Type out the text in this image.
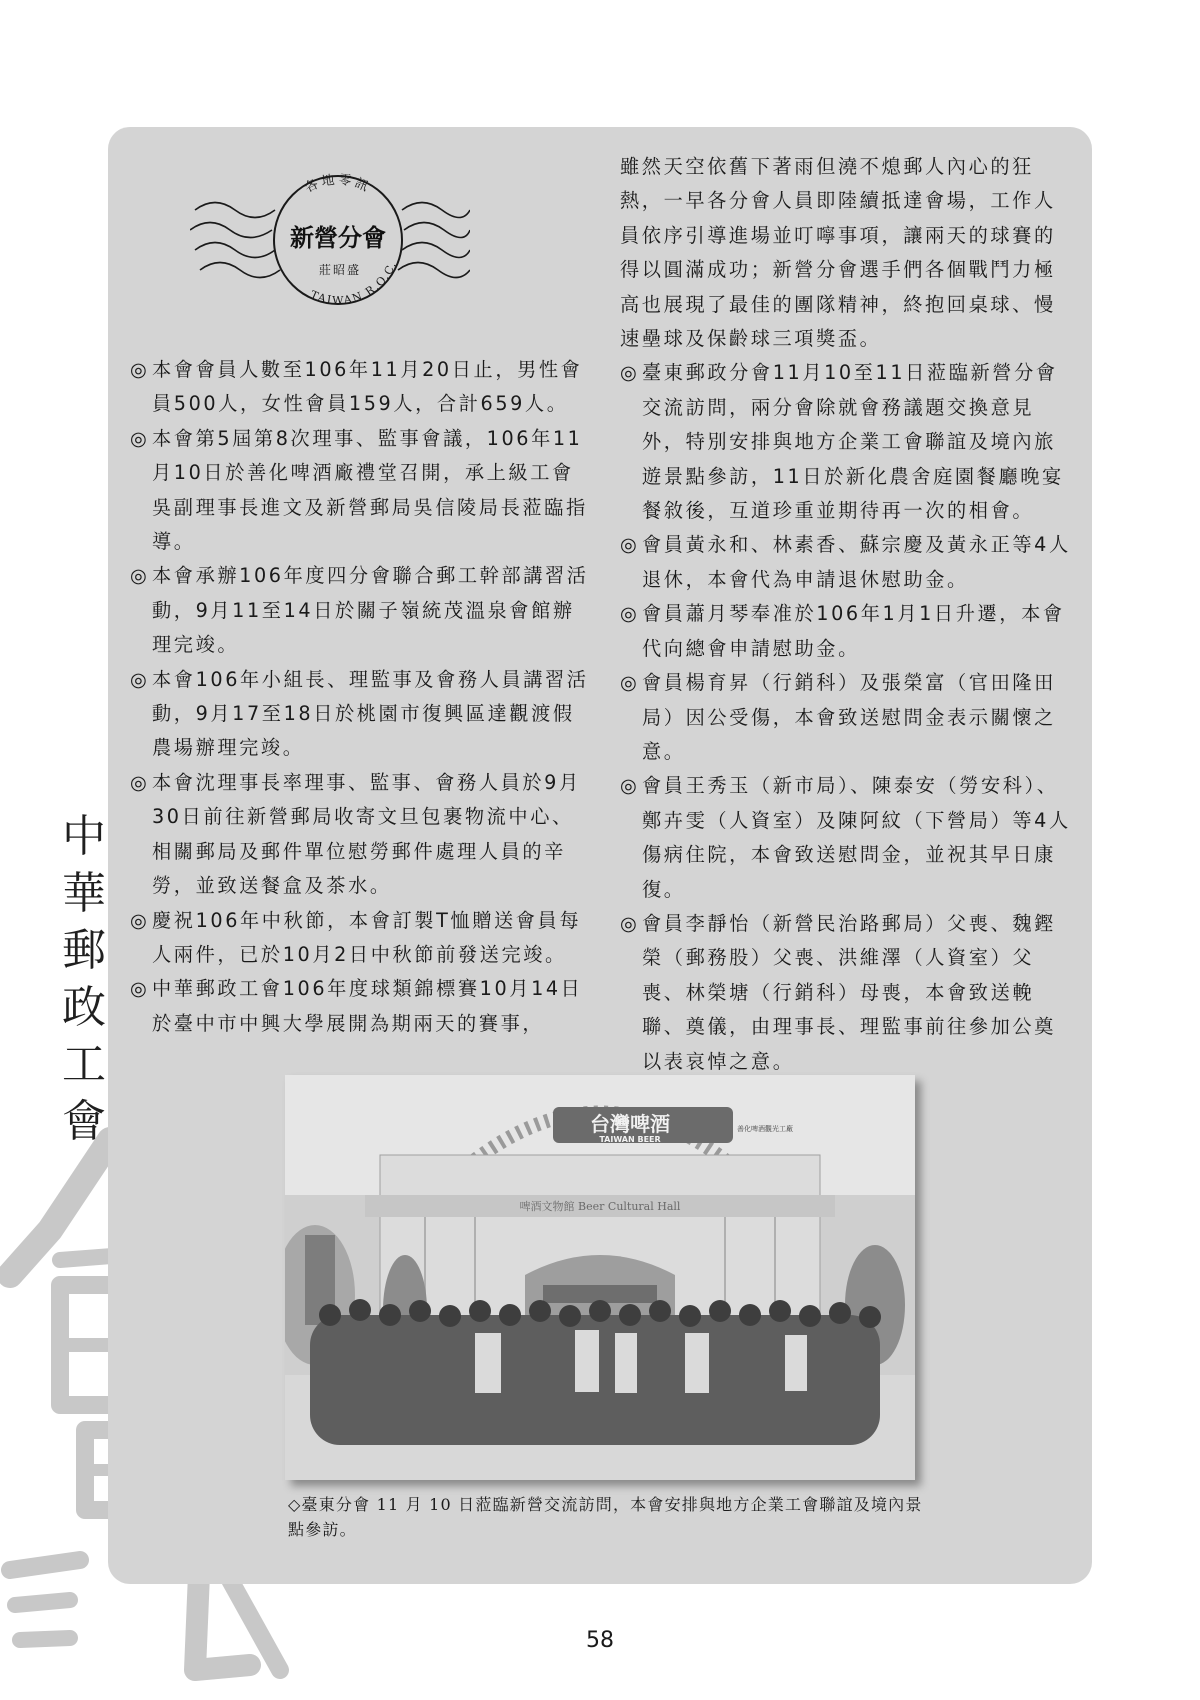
各地零訊
新營分會
莊昭盛
TAIWAN R.O.C.
中
華
郵
政
工
會

◎ 本會會員人數至106年11月20日止，男性會員500人，女性會員159人，合計659人。

◎ 本會第5屆第8次理事、監事會議，106年11月10日於善化啤酒廠禮堂召開，承上級工會吳副理事長進文及新營郵局吳信陵局長蒞臨指導。

◎ 本會承辦106年度四分會聯合郵工幹部講習活動，9月11至14日於關子嶺統茂溫泉會館辦理完竣。

◎ 本會106年小組長、理監事及會務人員講習活動，9月17至18日於桃園市復興區達觀渡假農場辦理完竣。

◎ 本會沈理事長率理事、監事、會務人員於9月30日前往新營郵局收寄文旦包裹物流中心、相關郵局及郵件單位慰勞郵件處理人員的辛勞，並致送餐盒及茶水。

◎ 慶祝106年中秋節，本會訂製T恤贈送會員每人兩件，已於10月2日中秋節前發送完竣。

◎ 中華郵政工會106年度球類錦標賽10月14日於臺中市中興大學展開為期兩天的賽事，

雖然天空依舊下著雨但澆不熄郵人內心的狂熱，一早各分會人員即陸續抵達會場，工作人員依序引導進場並叮嚀事項，讓兩天的球賽的得以圓滿成功；新營分會選手們各個戰鬥力極高也展現了最佳的團隊精神，終抱回桌球、慢速壘球及保齡球三項獎盃。

◎ 臺東郵政分會11月10至11日蒞臨新營分會交流訪問，兩分會除就會務議題交換意見外，特別安排與地方企業工會聯誼及境內旅遊景點參訪，11日於新化農舍庭園餐廳晚宴餐敘後，互道珍重並期待再一次的相會。

◎ 會員黃永和、林素香、蘇宗慶及黃永正等4人退休，本會代為申請退休慰助金。

◎ 會員蕭月琴奉准於106年1月1日升遷，本會代向總會申請慰助金。

◎ 會員楊育昇（行銷科）及張榮富（官田隆田局）因公受傷，本會致送慰問金表示關懷之意。

◎ 會員王秀玉（新市局）、陳泰安（勞安科）、鄭卉雯（人資室）及陳阿紋（下營局）等4人傷病住院，本會致送慰問金，並祝其早日康復。

◎ 會員李靜怡（新營民治路郵局）父喪、魏鏗榮（郵務股）父喪、洪維澤（人資室）父喪、林榮塘（行銷科）母喪，本會致送輓聯、奠儀，由理事長、理監事前往參加公奠以表哀悼之意。

台灣啤酒
TAIWAN BEER
善化啤酒觀光工廠
啤酒文物館 Beer Cultural Hall
◇臺東分會 11 月 10 日蒞臨新營交流訪問，本會安排與地方企業工會聯誼及境內景點參訪。
58
